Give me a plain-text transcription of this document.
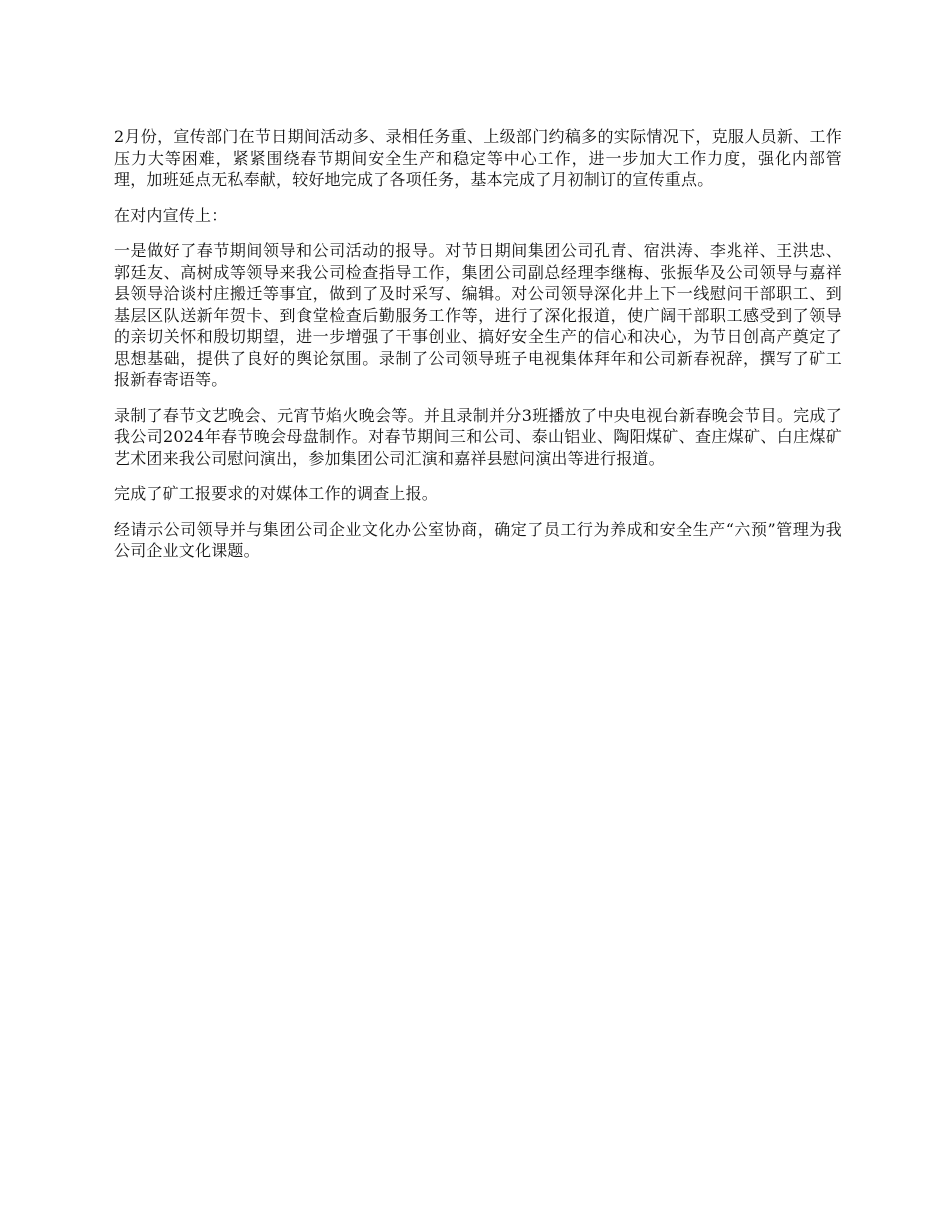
2月份，宣传部门在节日期间活动多、录相任务重、上级部门约稿多的实际情况下，克服人员新、工作压力大等困难，紧紧围绕春节期间安全生产和稳定等中心工作，进一步加大工作力度，强化内部管理，加班延点无私奉献，较好地完成了各项任务，基本完成了月初制订的宣传重点。

在对内宣传上：

一是做好了春节期间领导和公司活动的报导。对节日期间集团公司孔青、宿洪涛、李兆祥、王洪忠、郭廷友、高树成等领导来我公司检查指导工作，集团公司副总经理李继梅、张振华及公司领导与嘉祥县领导洽谈村庄搬迁等事宜，做到了及时采写、编辑。对公司领导深化井上下一线慰问干部职工、到基层区队送新年贺卡、到食堂检查后勤服务工作等，进行了深化报道，使广阔干部职工感受到了领导的亲切关怀和殷切期望，进一步增强了干事创业、搞好安全生产的信心和决心，为节日创高产奠定了思想基础，提供了良好的舆论氛围。录制了公司领导班子电视集体拜年和公司新春祝辞，撰写了矿工报新春寄语等。

录制了春节文艺晚会、元宵节焰火晚会等。并且录制并分3班播放了中央电视台新春晚会节目。完成了我公司2024年春节晚会母盘制作。对春节期间三和公司、泰山铝业、陶阳煤矿、查庄煤矿、白庄煤矿艺术团来我公司慰问演出，参加集团公司汇演和嘉祥县慰问演出等进行报道。

完成了矿工报要求的对媒体工作的调查上报。

经请示公司领导并与集团公司企业文化办公室协商，确定了员工行为养成和安全生产“六预”管理为我公司企业文化课题。
